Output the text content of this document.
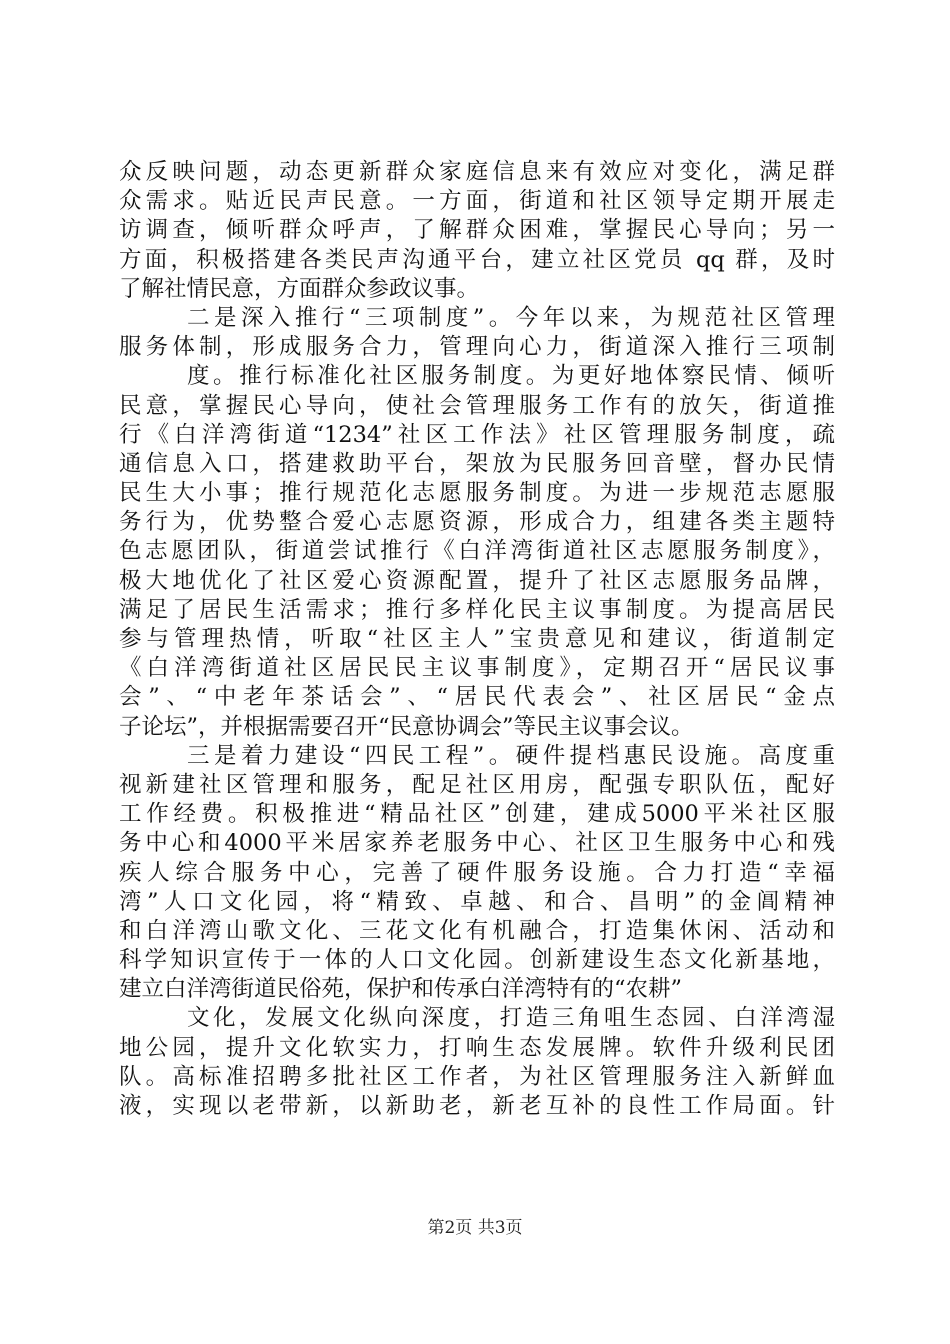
众反映问题，动态更新群众家庭信息来有效应对变化，满足群
众需求。贴近民声民意。一方面，街道和社区领导定期开展走
访调查，倾听群众呼声，了解群众困难，掌握民心导向；另一
方面，积极搭建各类民声沟通平台，建立社区党员 qq 群，及时
了解社情民意，方面群众参政议事。
二是深入推行“三项制度”。今年以来，为规范社区管理
服务体制，形成服务合力，管理向心力，街道深入推行三项制
度。推行标准化社区服务制度。为更好地体察民情、倾听
民意，掌握民心导向，使社会管理服务工作有的放矢，街道推
行《白洋湾街道“1234”社区工作法》社区管理服务制度，疏
通信息入口，搭建救助平台，架放为民服务回音壁，督办民情
民生大小事；推行规范化志愿服务制度。为进一步规范志愿服
务行为，优势整合爱心志愿资源，形成合力，组建各类主题特
色志愿团队，街道尝试推行《白洋湾街道社区志愿服务制度》，
极大地优化了社区爱心资源配置，提升了社区志愿服务品牌，
满足了居民生活需求；推行多样化民主议事制度。为提高居民
参与管理热情，听取“社区主人”宝贵意见和建议，街道制定
《白洋湾街道社区居民民主议事制度》，定期召开“居民议事
会”、“中老年茶话会”、“居民代表会”、社区居民“金点
子论坛”，并根据需要召开“民意协调会”等民主议事会议。
三是着力建设“四民工程”。硬件提档惠民设施。高度重
视新建社区管理和服务，配足社区用房，配强专职队伍，配好
工作经费。积极推进“精品社区”创建，建成5000平米社区服
务中心和4000平米居家养老服务中心、社区卫生服务中心和残
疾人综合服务中心，完善了硬件服务设施。合力打造“幸福
湾”人口文化园，将“精致、卓越、和合、昌明”的金阊精神
和白洋湾山歌文化、三花文化有机融合，打造集休闲、活动和
科学知识宣传于一体的人口文化园。创新建设生态文化新基地，
建立白洋湾街道民俗苑，保护和传承白洋湾特有的“农耕”
文化，发展文化纵向深度，打造三角咀生态园、白洋湾湿
地公园，提升文化软实力，打响生态发展牌。软件升级利民团
队。高标准招聘多批社区工作者，为社区管理服务注入新鲜血
液，实现以老带新，以新助老，新老互补的良性工作局面。针
第2页 共3页
